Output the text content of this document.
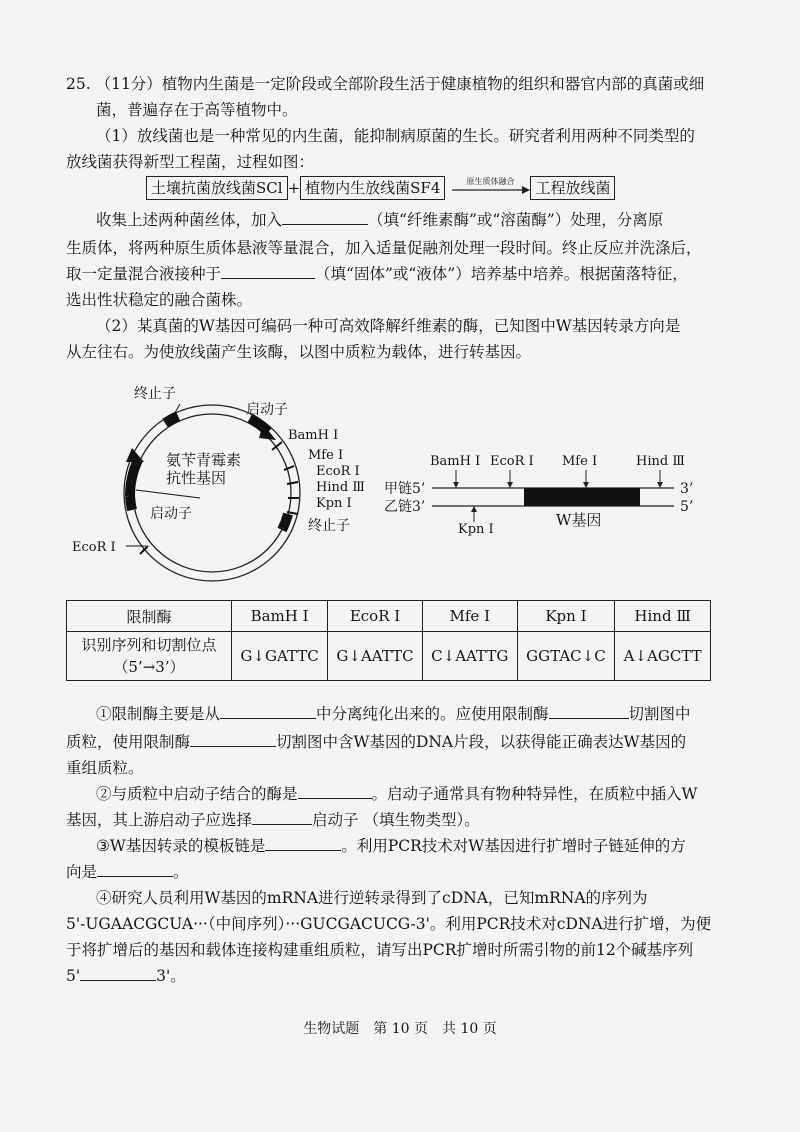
25. （11分）植物内生菌是一定阶段或全部阶段生活于健康植物的组织和器官内部的真菌或细
菌，普遍存在于高等植物中。
（1）放线菌也是一种常见的内生菌，能抑制病原菌的生长。研究者利用两种不同类型的
放线菌获得新型工程菌，过程如图：
土壤抗菌放线菌SCl + 植物内生放线菌SF4	原生质体融合	工程放线菌
收集上述两种菌丝体，加入	（填“纤维素酶”或“溶菌酶”）处理，分离原
生质体，将两种原生质体悬液等量混合，加入适量促融剂处理一段时间。终止反应并洗涤后，
取一定量混合液接种于	（填“固体”或“液体”）培养基中培养。根据菌落特征，
选出性状稳定的融合菌株。
（2）某真菌的W基因可编码一种可高效降解纤维素的酶，已知图中W基因转录方向是
从左往右。为使放线菌产生该酶，以图中质粒为载体，进行转基因。
终止子
启动子
BamH Ⅰ
氨苄青霉素
抗性基因
Mfe Ⅰ
EcoR Ⅰ
Hind Ⅲ
Kpn Ⅰ
启动子
终止子
EcoR Ⅰ
BamH Ⅰ EcoR Ⅰ Mfe Ⅰ	Hind Ⅲ
甲链5’
乙链3’
3’
5’
Kpn Ⅰ
W基因
限制酶	BamH Ⅰ	EcoR Ⅰ	Mfe Ⅰ	Kpn Ⅰ	Hind Ⅲ

识别序列和切割位点
（5’→3’）	G↓GATTC	G↓AATTC	C↓AATTG	GGTAC↓C	A↓AGCTT
①限制酶主要是从	中分离纯化出来的。应使用限制酶	切割图中
质粒，使用限制酶	切割图中含W基因的DNA片段，以获得能正确表达W基因的
重组质粒。
②与质粒中启动子结合的酶是	。启动子通常具有物种特异性，在质粒中插入W
基因，其上游启动子应选择	启动子 （填生物类型）。
③W基因转录的模板链是	。利用PCR技术对W基因进行扩增时子链延伸的方
向是	。
④研究人员利用W基因的mRNA进行逆转录得到了cDNA，已知mRNA的序列为
5'-UGAACGCUA···（中间序列）···GUCGACUCG-3'。利用PCR技术对cDNA进行扩增，为便
于将扩增后的基因和载体连接构建重组质粒，请写出PCR扩增时所需引物的前12个碱基序列
5'	3'。
生物试题　第 10 页　共 10 页
